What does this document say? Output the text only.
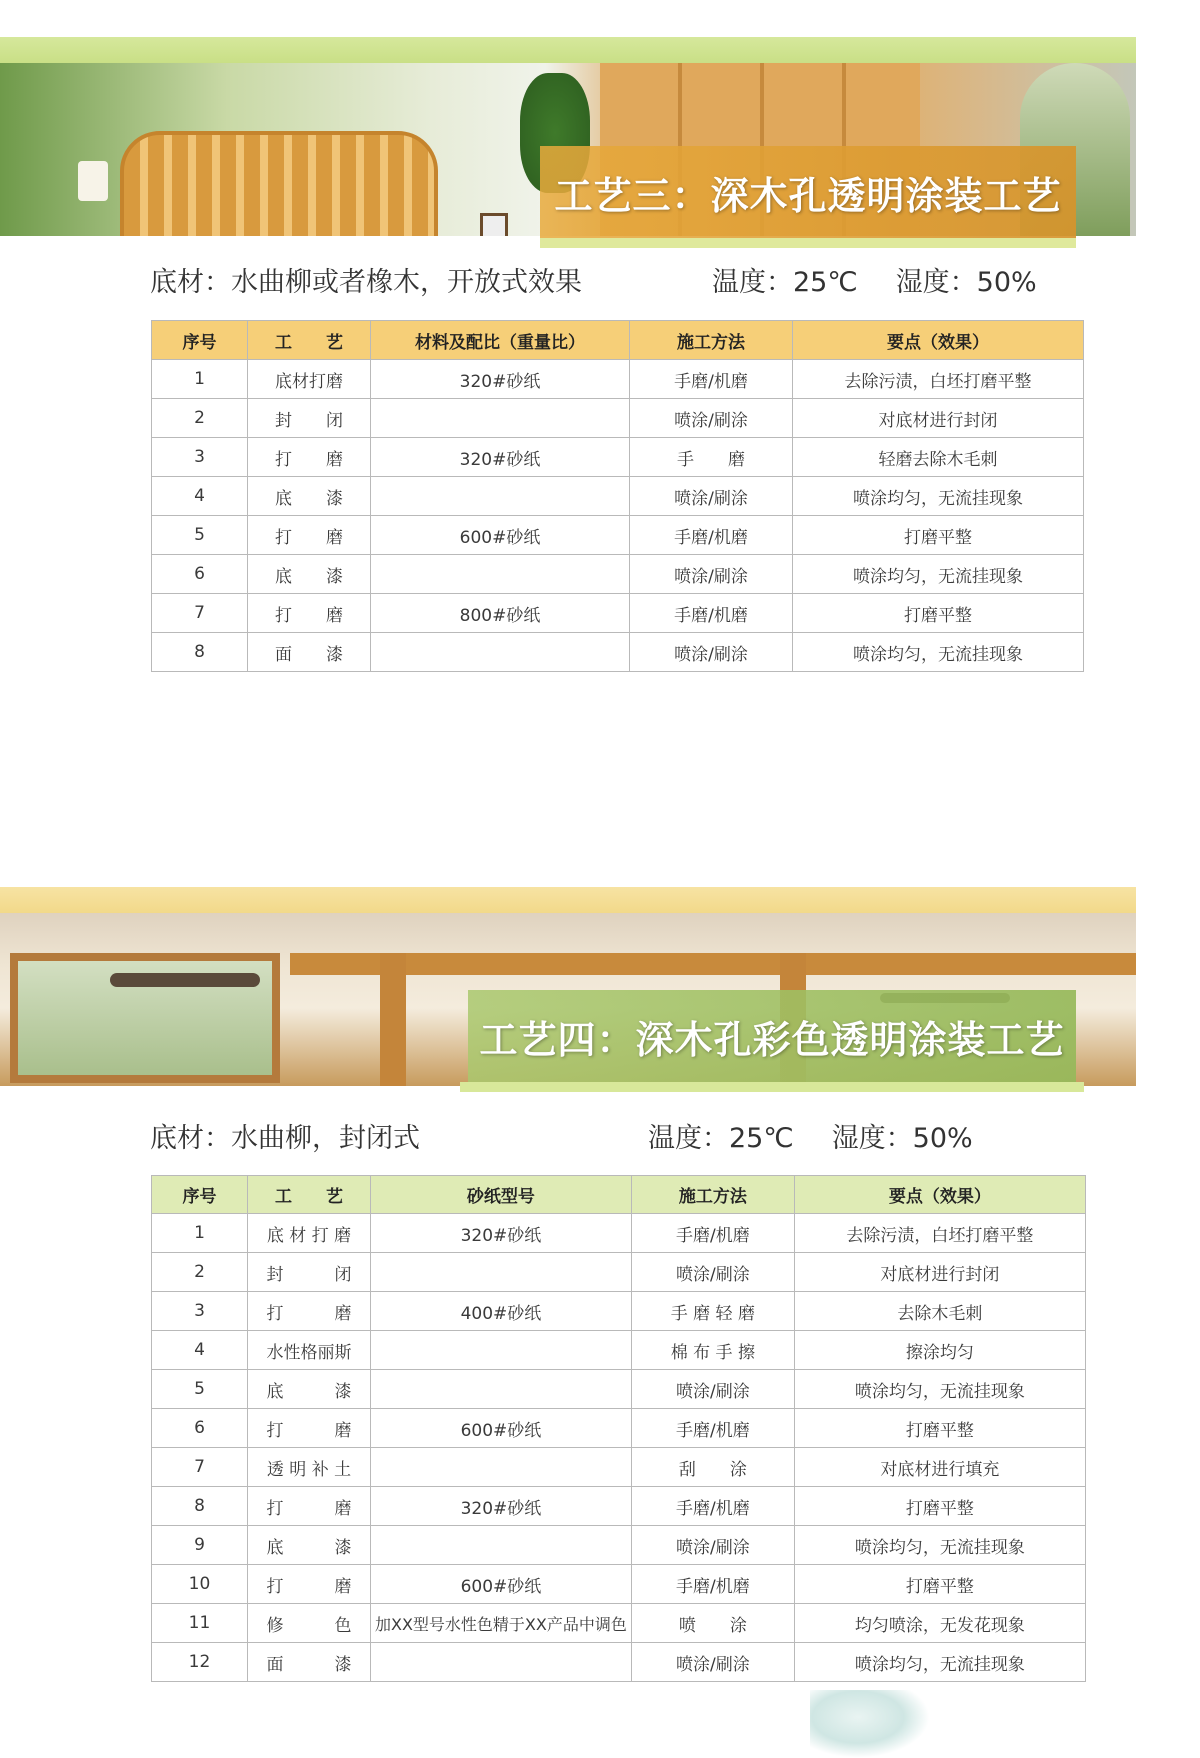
工艺三：深木孔透明涂装工艺
底材：水曲柳或者橡木，开放式效果	温度：25℃ 湿度：50%
序号	工　　艺	材料及配比（重量比）	施工方法	要点（效果）
1	底材打磨	320#砂纸	手磨/机磨	去除污渍，白坯打磨平整
2	封　　闭		喷涂/刷涂	对底材进行封闭
3	打　　磨	320#砂纸	手　　磨	轻磨去除木毛刺
4	底　　漆		喷涂/刷涂	喷涂均匀，无流挂现象
5	打　　磨	600#砂纸	手磨/机磨	打磨平整
6	底　　漆		喷涂/刷涂	喷涂均匀，无流挂现象
7	打　　磨	800#砂纸	手磨/机磨	打磨平整
8	面　　漆		喷涂/刷涂	喷涂均匀，无流挂现象
工艺四：深木孔彩色透明涂装工艺
底材：水曲柳，封闭式	温度：25℃ 湿度：50%
序号	工　　艺	砂纸型号	施工方法	要点（效果）
1	底 材 打 磨	320#砂纸	手磨/机磨	去除污渍，白坯打磨平整
2	封　　　闭		喷涂/刷涂	对底材进行封闭
3	打　　　磨	400#砂纸	手 磨 轻 磨	去除木毛刺
4	水性格丽斯		棉 布 手 擦	擦涂均匀
5	底　　　漆		喷涂/刷涂	喷涂均匀，无流挂现象
6	打　　　磨	600#砂纸	手磨/机磨	打磨平整
7	透 明 补 土		刮　　涂	对底材进行填充
8	打　　　磨	320#砂纸	手磨/机磨	打磨平整
9	底　　　漆		喷涂/刷涂	喷涂均匀，无流挂现象
10	打　　　磨	600#砂纸	手磨/机磨	打磨平整
11	修　　　色	加XX型号水性色精于XX产品中调色	喷　　涂	均匀喷涂，无发花现象
12	面　　　漆		喷涂/刷涂	喷涂均匀，无流挂现象
